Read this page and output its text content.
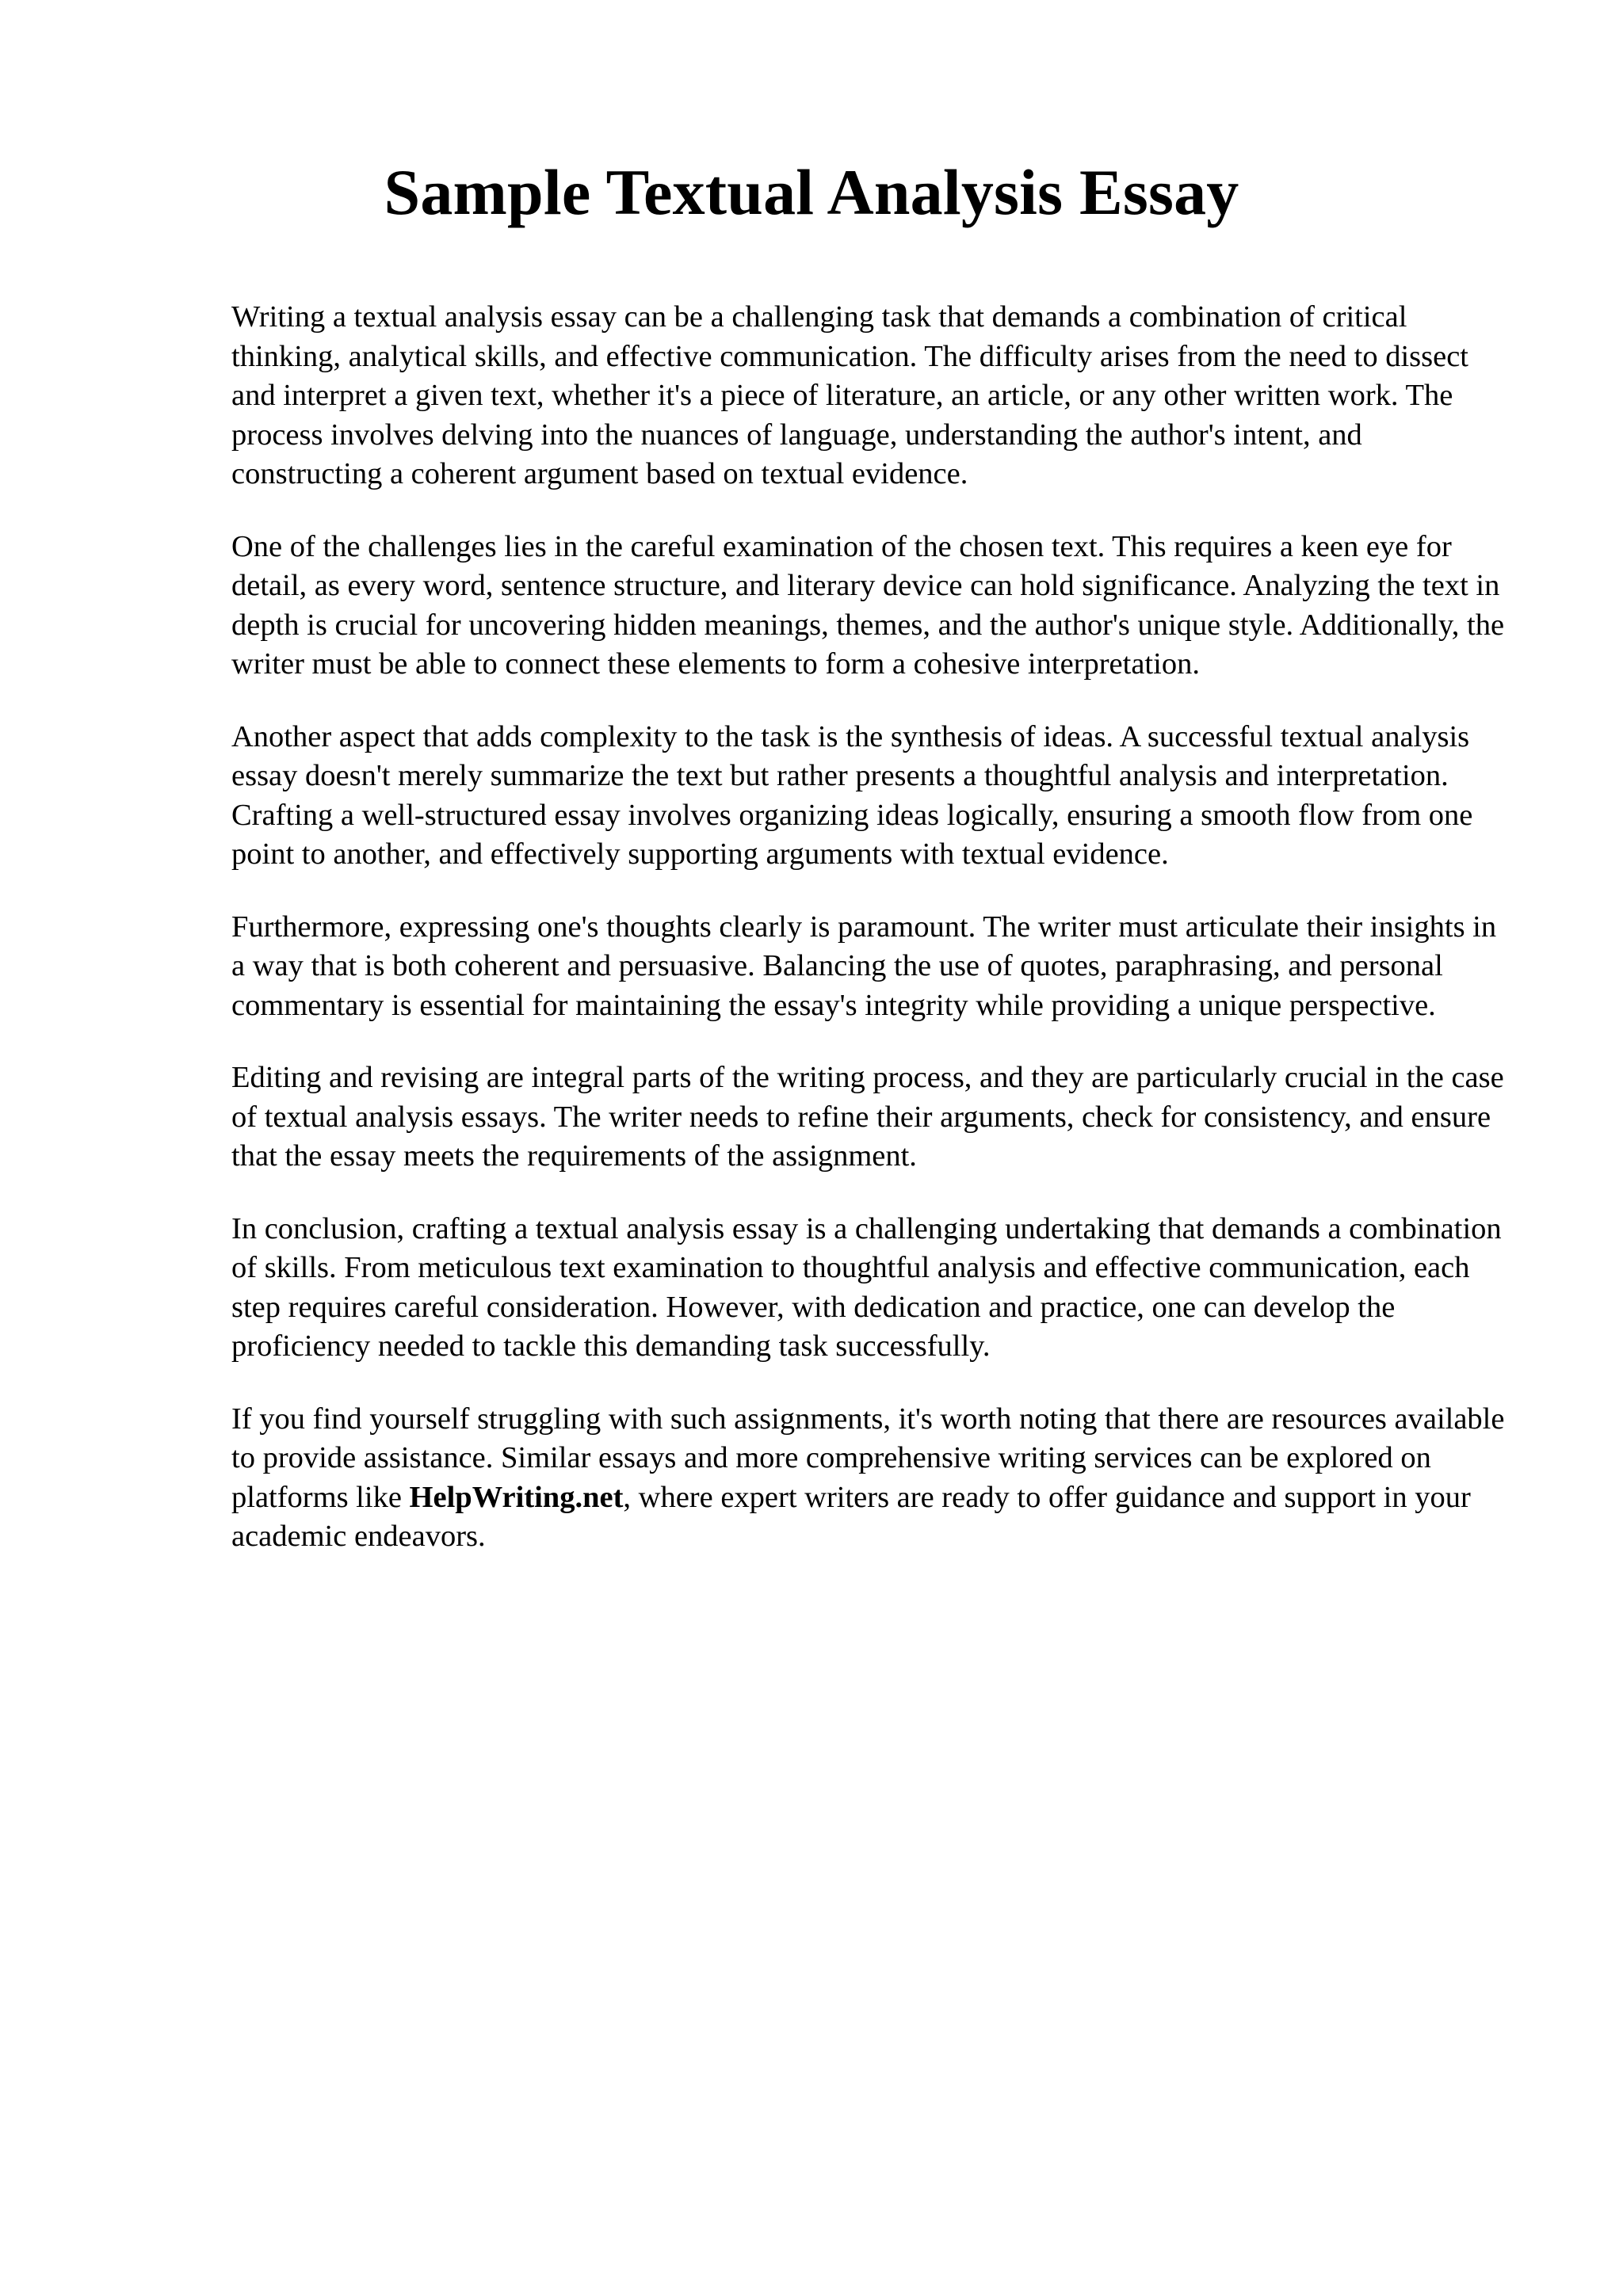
Sample Textual Analysis Essay

Writing a textual analysis essay can be a challenging task that demands a combination of critical thinking, analytical skills, and effective communication. The difficulty arises from the need to dissect and interpret a given text, whether it's a piece of literature, an article, or any other written work. The process involves delving into the nuances of language, understanding the author's intent, and constructing a coherent argument based on textual evidence.

One of the challenges lies in the careful examination of the chosen text. This requires a keen eye for detail, as every word, sentence structure, and literary device can hold significance. Analyzing the text in depth is crucial for uncovering hidden meanings, themes, and the author's unique style. Additionally, the writer must be able to connect these elements to form a cohesive interpretation.

Another aspect that adds complexity to the task is the synthesis of ideas. A successful textual analysis essay doesn't merely summarize the text but rather presents a thoughtful analysis and interpretation. Crafting a well-structured essay involves organizing ideas logically, ensuring a smooth flow from one point to another, and effectively supporting arguments with textual evidence.

Furthermore, expressing one's thoughts clearly is paramount. The writer must articulate their insights in a way that is both coherent and persuasive. Balancing the use of quotes, paraphrasing, and personal commentary is essential for maintaining the essay's integrity while providing a unique perspective.

Editing and revising are integral parts of the writing process, and they are particularly crucial in the case of textual analysis essays. The writer needs to refine their arguments, check for consistency, and ensure that the essay meets the requirements of the assignment.

In conclusion, crafting a textual analysis essay is a challenging undertaking that demands a combination of skills. From meticulous text examination to thoughtful analysis and effective communication, each step requires careful consideration. However, with dedication and practice, one can develop the proficiency needed to tackle this demanding task successfully.

If you find yourself struggling with such assignments, it's worth noting that there are resources available to provide assistance. Similar essays and more comprehensive writing services can be explored on platforms like HelpWriting.net, where expert writers are ready to offer guidance and support in your academic endeavors.
